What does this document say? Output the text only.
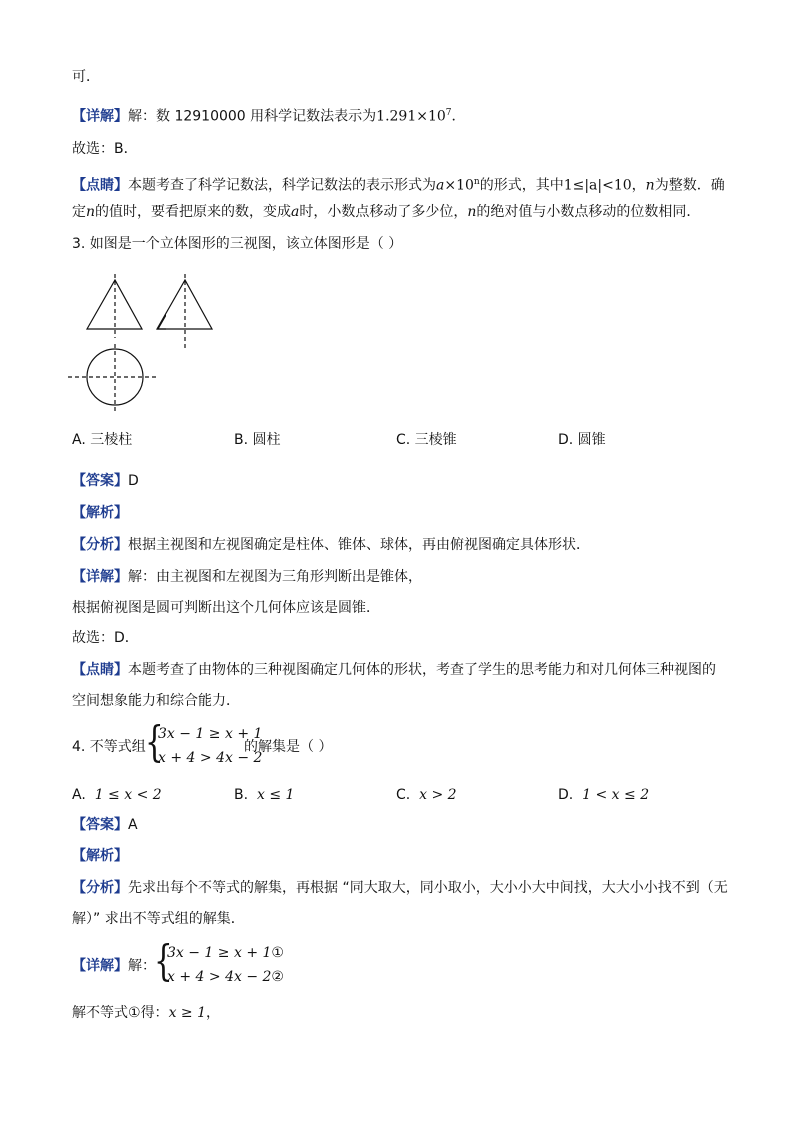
可．
【详解】解：数 12910000 用科学记数法表示为$1.291\times 10^7$．
故选：B．
【点睛】本题考查了科学记数法，科学记数法的表示形式为$a\times 10^n$的形式，其中1≤|a|<10，n为整数．确
定n的值时，要看把原来的数，变成a时，小数点移动了多少位，n的绝对值与小数点移动的位数相同．
3. 如图是一个立体图形的三视图，该立体图形是（ ）
A. 三棱柱	B. 圆柱	C. 三棱锥	D. 圆锥
【答案】D
【解析】
【分析】根据主视图和左视图确定是柱体、锥体、球体，再由俯视图确定具体形状．
【详解】解：由主视图和左视图为三角形判断出是锥体，
根据俯视图是圆可判断出这个几何体应该是圆锥．
故选：D．
【点睛】本题考查了由物体的三种视图确定几何体的形状，考查了学生的思考能力和对几何体三种视图的
空间想象能力和综合能力．
4. 不等式组 {
3x − 1 ≥ x + 1
x + 4 > 4x − 2
的解集是（ ）
A. 1 ≤ x < 2	B. x ≤ 1	C. x > 2	D. 1 < x ≤ 2
【答案】A
【解析】
【分析】先求出每个不等式的解集，再根据 “同大取大，同小取小，大小小大中间找，大大小小找不到（无
解）” 求出不等式组的解集．
【详解】解：
{
3x − 1 ≥ x + 1①
x + 4 > 4x − 2②
解不等式①得：x ≥ 1，
